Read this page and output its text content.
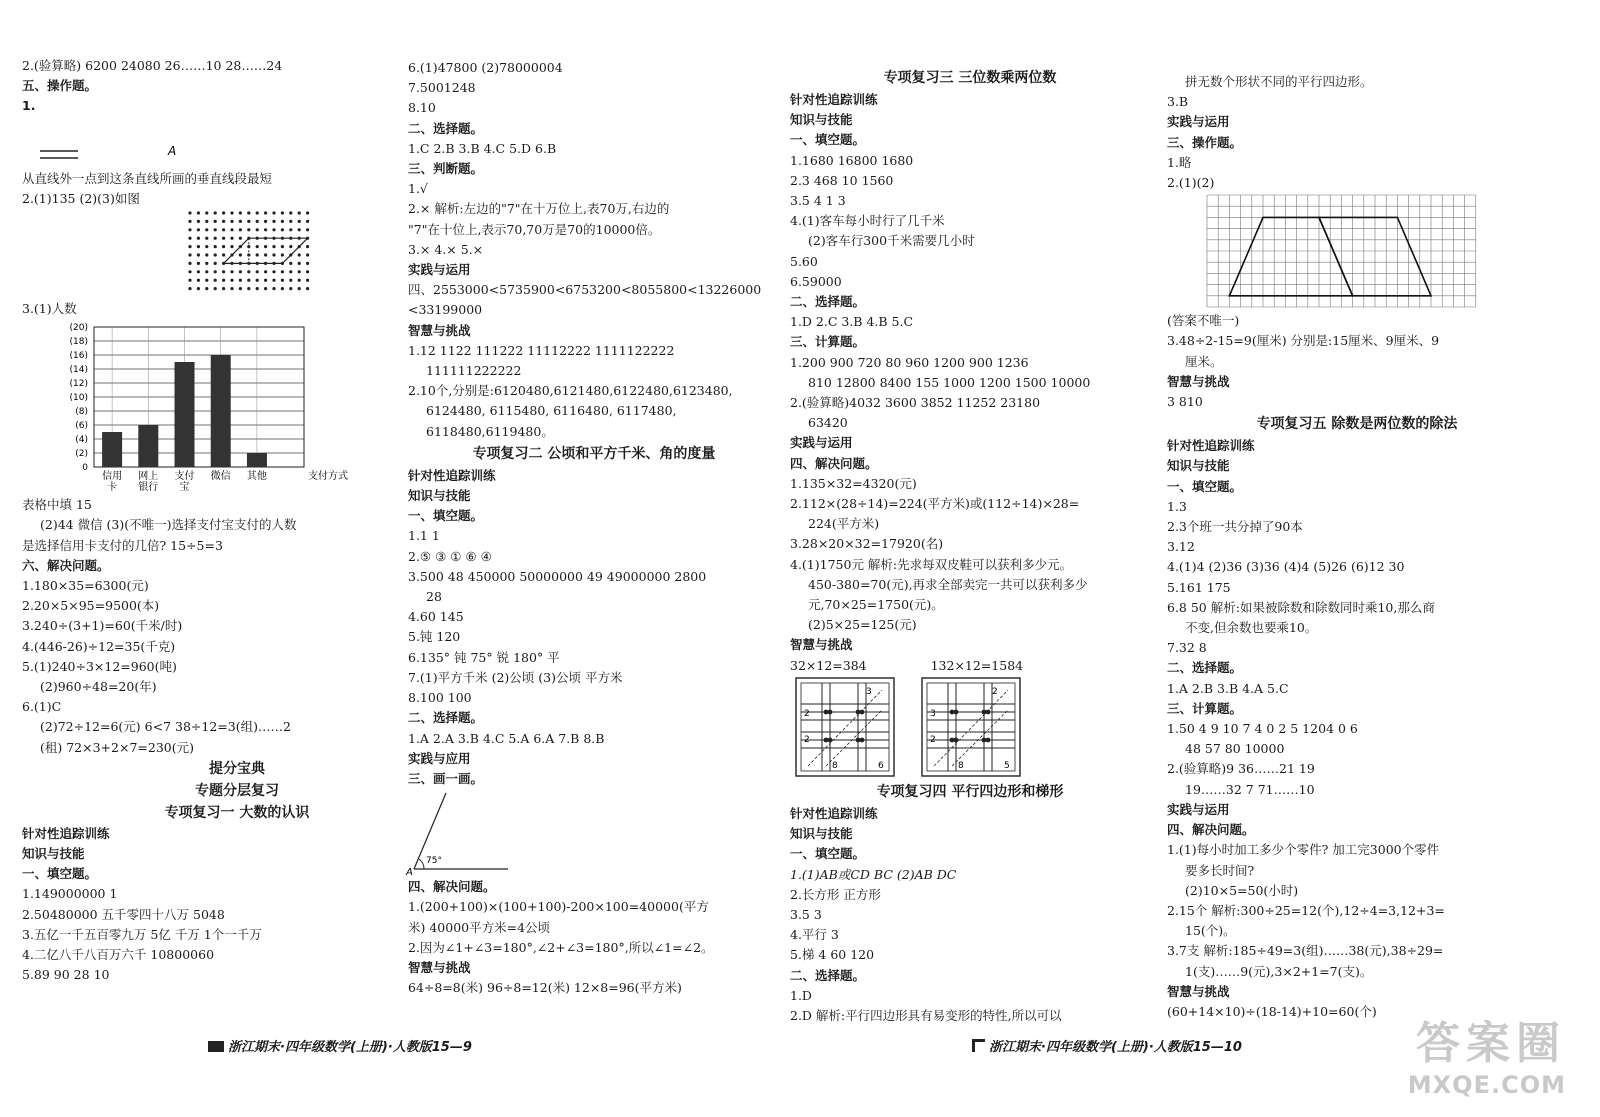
2.(验算略) 6200 24080 26……10 28……24
五、操作题。
1.
A
从直线外一点到这条直线所画的垂直线段最短
2.(1)135 (2)(3)如图
3.(1)人数
0
(2)
(4)
(6)
(8)
(10)
(12)
(14)
(16)
(18)
(20)
信用
卡
网上
银行
支付
宝
微信 其他	支付方式
表格中填 15
(2)44 微信 (3)(不唯一)选择支付宝支付的人数
是选择信用卡支付的几倍? 15÷5=3
六、解决问题。
1.180×35=6300(元)
2.20×5×95=9500(本)
3.240÷(3+1)=60(千米/时)
4.(446-26)÷12=35(千克)
5.(1)240÷3×12=960(吨)
(2)960÷48=20(年)
6.(1)C
(2)72÷12=6(元) 6<7 38÷12=3(组)……2
(租) 72×3+2×7=230(元)
提分宝典
专题分层复习
专项复习一 大数的认识
针对性追踪训练
知识与技能
一、填空题。
1.149000000 1
2.50480000 五千零四十八万 5048
3.五亿一千五百零九万 5亿 千万 1个一千万
4.二亿八千八百万六千 10800060
5.89 90 28 10
6.(1)47800 (2)78000004
7.5001248
8.10
二、选择题。
1.C 2.B 3.B 4.C 5.D 6.B
三、判断题。
1.√
2.× 解析:左边的"7"在十万位上,表70万,右边的
"7"在十位上,表示70,70万是70的10000倍。
3.× 4.× 5.×
实践与运用
四、2553000<5735900<6753200<8055800<13226000
<33199000
智慧与挑战
1.12 1122 111222 11112222 1111122222
111111222222
2.10个,分别是:6120480,6121480,6122480,6123480,
6124480, 6115480, 6116480, 6117480,
6118480,6119480。
专项复习二 公顷和平方千米、角的度量
针对性追踪训练
知识与技能
一、填空题。
1.1 1
2.⑤ ③ ① ⑥ ④
3.500 48 450000 50000000 49 49000000 2800
28
4.60 145
5.钝 120
6.135° 钝 75° 锐 180° 平
7.(1)平方千米 (2)公顷 (3)公顷 平方米
8.100 100
二、选择题。
1.A 2.A 3.B 4.C 5.A 6.A 7.B 8.B
实践与应用
三、画一画。
A
75°
四、解决问题。
1.(200+100)×(100+100)-200×100=40000(平方
米) 40000平方米=4公顷
2.因为∠1+∠3=180°,∠2+∠3=180°,所以∠1=∠2。
智慧与挑战
64÷8=8(米) 96÷8=12(米) 12×8=96(平方米)
浙江期末·四年级数学(上册)·人教版15—9
专项复习三 三位数乘两位数
针对性追踪训练
知识与技能
一、填空题。
1.1680 16800 1680
2.3 468 10 1560
3.5 4 1 3
4.(1)客车每小时行了几千米
(2)客车行300千米需要几小时
5.60
6.59000
二、选择题。
1.D 2.C 3.B 4.B 5.C
三、计算题。
1.200 900 720 80 960 1200 900 1236
810 12800 8400 155 1000 1200 1500 10000
2.(验算略)4032 3600 3852 11252 23180
63420
实践与运用
四、解决问题。
1.135×32=4320(元)
2.112×(28÷14)=224(平方米)或(112÷14)×28=
224(平方米)
3.28×20×32=17920(名)
4.(1)1750元 解析:先求每双皮鞋可以获利多少元。
450-380=70(元),再求全部卖完一共可以获利多少
元,70×25=1750(元)。
(2)5×25=125(元)
智慧与挑战
32×12=384	132×12=1584
3
2
2
6
8
2
3
2
5
8
专项复习四 平行四边形和梯形
针对性追踪训练
知识与技能
一、填空题。
1.(1)AB或CD BC (2)AB DC
2.长方形 正方形
3.5 3
4.平行 3
5.梯 4 60 120
二、选择题。
1.D
2.D 解析:平行四边形具有易变形的特性,所以可以
拼无数个形状不同的平行四边形。
3.B
实践与运用
三、操作题。
1.略
2.(1)(2)
(答案不唯一)
3.48÷2-15=9(厘米) 分别是:15厘米、9厘米、9
厘米。
智慧与挑战
3 810
专项复习五 除数是两位数的除法
针对性追踪训练
知识与技能
一、填空题。
1.3
2.3个班一共分掉了90本
3.12
4.(1)4 (2)36 (3)36 (4)4 (5)26 (6)12 30
5.161 175
6.8 50 解析:如果被除数和除数同时乘10,那么商
不变,但余数也要乘10。
7.32 8
二、选择题。
1.A 2.B 3.B 4.A 5.C
三、计算题。
1.50 4 9 10 7 4 0 2 5 1204 0 6
48 57 80 10000
2.(验算略)9 36……21 19
19……32 7 71……10
实践与运用
四、解决问题。
1.(1)每小时加工多少个零件? 加工完3000个零件
要多长时间?
(2)10×5=50(小时)
2.15个 解析:300÷25=12(个),12÷4=3,12+3=
15(个)。
3.7支 解析:185÷49=3(组)……38(元),38÷29=
1(支)……9(元),3×2+1=7(支)。
智慧与挑战
(60+14×10)÷(18-14)+10=60(个)
浙江期末·四年级数学(上册)·人教版15—10	答案圈
MXQE.COM
